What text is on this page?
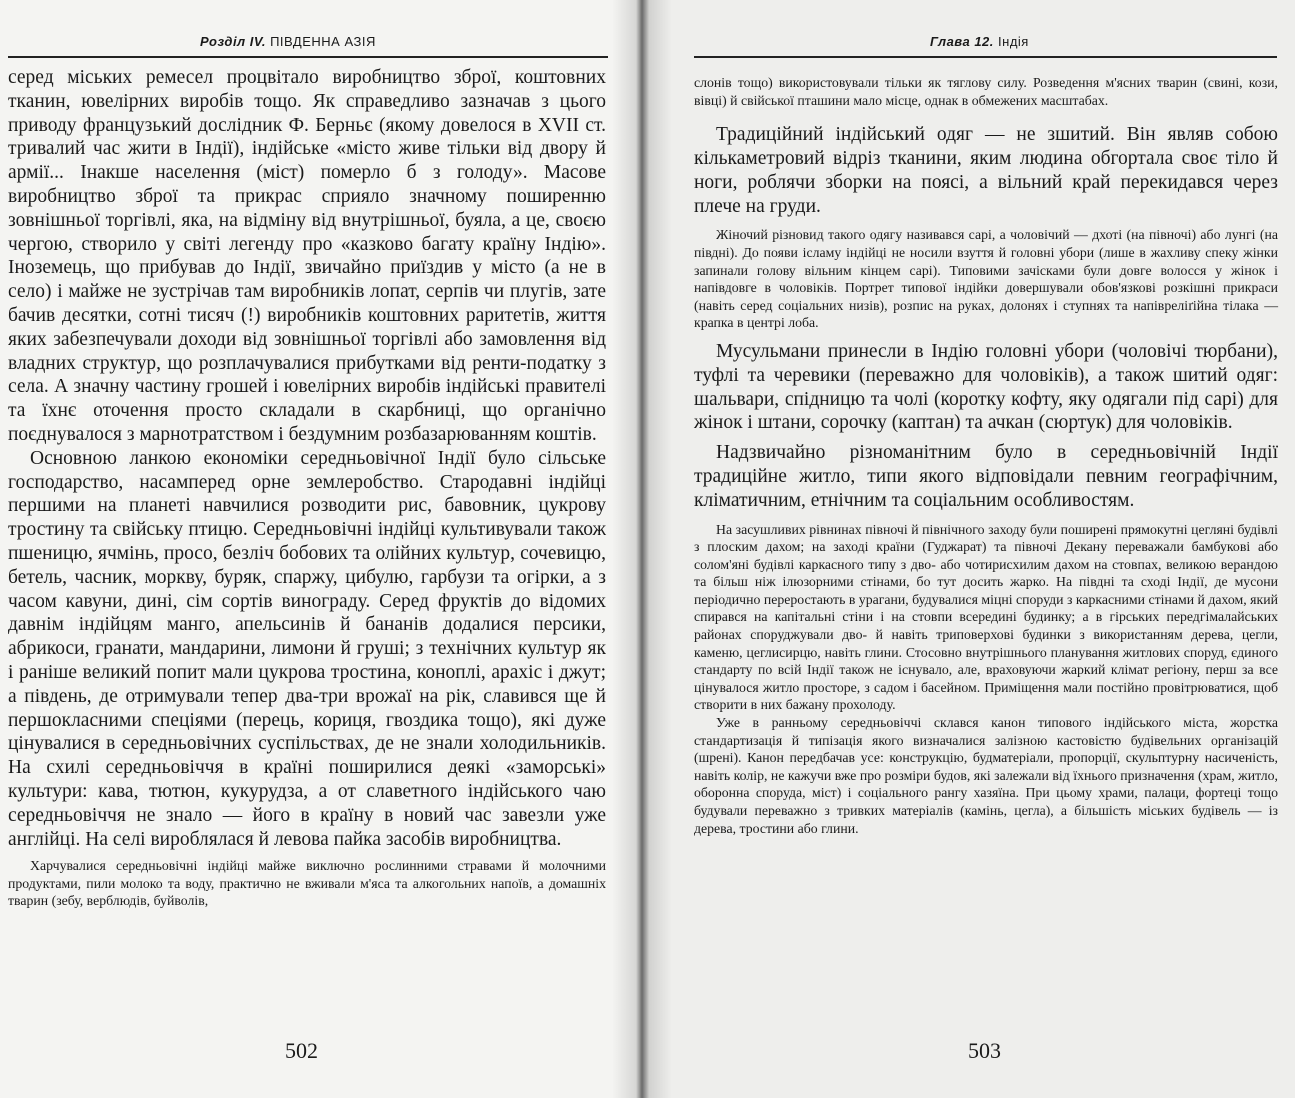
Розділ IV. ПІВДЕННА АЗІЯ

серед міських ремесел процвітало виробництво зброї, коштовних тканин, ювелірних виробів тощо. Як справедливо зазначав з цього приводу французький дослідник Ф. Берньє (якому довелося в XVII ст. тривалий час жити в Індії), індійське «місто живе тільки від двору й армії... Інакше населення (міст) померло б з голоду». Масове виробництво зброї та прикрас сприяло значному поширенню зовнішньої торгівлі, яка, на відміну від внутрішньої, буяла, а це, своєю чергою, створило у світі легенду про «казково багату країну Індію». Іноземець, що прибував до Індії, звичайно приїздив у місто (а не в село) і майже не зустрічав там виробників лопат, серпів чи плугів, зате бачив десятки, сотні тисяч (!) виробників коштовних раритетів, життя яких забезпечували доходи від зовнішньої торгівлі або замовлення від владних структур, що розплачувалися прибутками від ренти-податку з села. А значну частину грошей і ювелірних виробів індійські правителі та їхнє оточення просто складали в скарбниці, що органічно поєднувалося з марнотратством і бездумним розбазарюванням коштів.

Основною ланкою економіки середньовічної Індії було сільське господарство, насамперед орне землеробство. Стародавні індійці першими на планеті навчилися розводити рис, бавовник, цукрову тростину та свійську птицю. Середньовічні індійці культивували також пшеницю, ячмінь, просо, безліч бобових та олійних культур, сочевицю, бетель, часник, моркву, буряк, спаржу, цибулю, гарбузи та огірки, а з часом кавуни, дині, сім сортів винограду. Серед фруктів до відомих давнім індійцям манго, апельсинів й бананів додалися персики, абрикоси, гранати, мандарини, лимони й груші; з технічних культур як і раніше великий попит мали цукрова тростина, коноплі, арахіс і джут; а південь, де отримували тепер два-три врожаї на рік, славився ще й першокласними спеціями (перець, кориця, гвоздика тощо), які дуже цінувалися в середньовічних суспільствах, де не знали холодильників. На схилі середньовіччя в країні поширилися деякі «заморські» культури: кава, тютюн, кукурудза, а от славетного індійського чаю середньовіччя не знало — його в країну в новий час завезли уже англійці. На селі вироблялася й левова пайка засобів виробництва.

Харчувалися середньовічні індійці майже виключно рослинними стравами й молочними продуктами, пили молоко та воду, практично не вживали м'яса та алкогольних напоїв, а домашніх тварин (зебу, верблюдів, буйволів,

502
Глава 12. Індія

слонів тощо) використовували тільки як тяглову силу. Розведення м'ясних тварин (свині, кози, вівці) й свійської пташини мало місце, однак в обмежених масштабах.

Традиційний індійський одяг — не зшитий. Він являв собою кількаметровий відріз тканини, яким людина обгортала своє тіло й ноги, роблячи зборки на поясі, а вільний край перекидався через плече на груди.

Жіночий різновид такого одягу називався сарі, а чоловічий — дхоті (на півночі) або лунгі (на півдні). До появи ісламу індійці не носили взуття й головні убори (лише в жахливу спеку жінки запинали голову вільним кінцем сарі). Типовими зачісками були довге волосся у жінок і напівдовге в чоловіків. Портрет типової індійки довершували обов'язкові розкішні прикраси (навіть серед соціальних низів), розпис на руках, долонях і ступнях та напівреліґійна тілака — крапка в центрі лоба.

Мусульмани принесли в Індію головні убори (чоловічі тюрбани), туфлі та черевики (переважно для чоловіків), а також шитий одяг: шальвари, спідницю та чолі (коротку кофту, яку одягали під сарі) для жінок і штани, сорочку (каптан) та ачкан (сюртук) для чоловіків.

Надзвичайно різноманітним було в середньовічній Індії традиційне житло, типи якого відповідали певним географічним, кліматичним, етнічним та соціальним особливостям.

На засушливих рівнинах півночі й північного заходу були поширені прямокутні цегляні будівлі з плоским дахом; на заході країни (Гуджарат) та півночі Декану переважали бамбукові або солом'яні будівлі каркасного типу з дво- або чотирисхилим дахом на стовпах, великою верандою та більш ніж ілюзорними стінами, бо тут досить жарко. На півдні та сході Індії, де мусони періодично переростають в урагани, будувалися міцні споруди з каркасними стінами й дахом, який спирався на капітальні стіни і на стовпи всередині будинку; а в гірських передгімалайських районах споруджували дво- й навіть триповерхові будинки з використанням дерева, цегли, каменю, цеглисирцю, навіть глини. Стосовно внутрішнього планування житлових споруд, єдиного стандарту по всій Індії також не існувало, але, враховуючи жаркий клімат регіону, перш за все цінувалося житло просторе, з садом і басейном. Приміщення мали постійно провітрюватися, щоб створити в них бажану прохолоду.

Уже в ранньому середньовіччі склався канон типового індійського міста, жорстка стандартизація й типізація якого визначалися залізною кастовістю будівельних організацій (шрені). Канон передбачав усе: конструкцію, будматеріали, пропорції, скульптурну насиченість, навіть колір, не кажучи вже про розміри будов, які залежали від їхнього призначення (храм, житло, оборонна споруда, міст) і соціального рангу хазяїна. При цьому храми, палаци, фортеці тощо будували переважно з тривких матеріалів (камінь, цегла), а більшість міських будівель — із дерева, тростини або глини.

503
